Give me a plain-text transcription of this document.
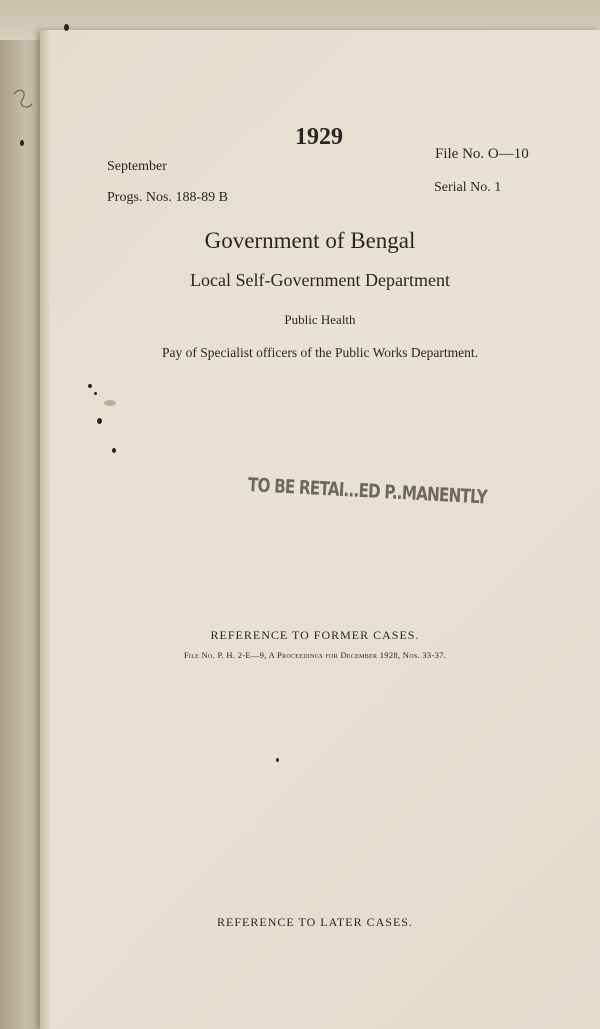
1929
September
Progs. Nos. 188-89 B
File No. O—10
Serial No. 1
Government of Bengal
Local Self-Government Department
Public Health
Pay of Specialist officers of the Public Works Department.
TO BE RETAI...ED P..MANENTLY
REFERENCE TO FORMER CASES.
File No. P. H. 2-E—9, A Proceedings for December 1928, Nos. 33-37.
REFERENCE TO LATER CASES.
